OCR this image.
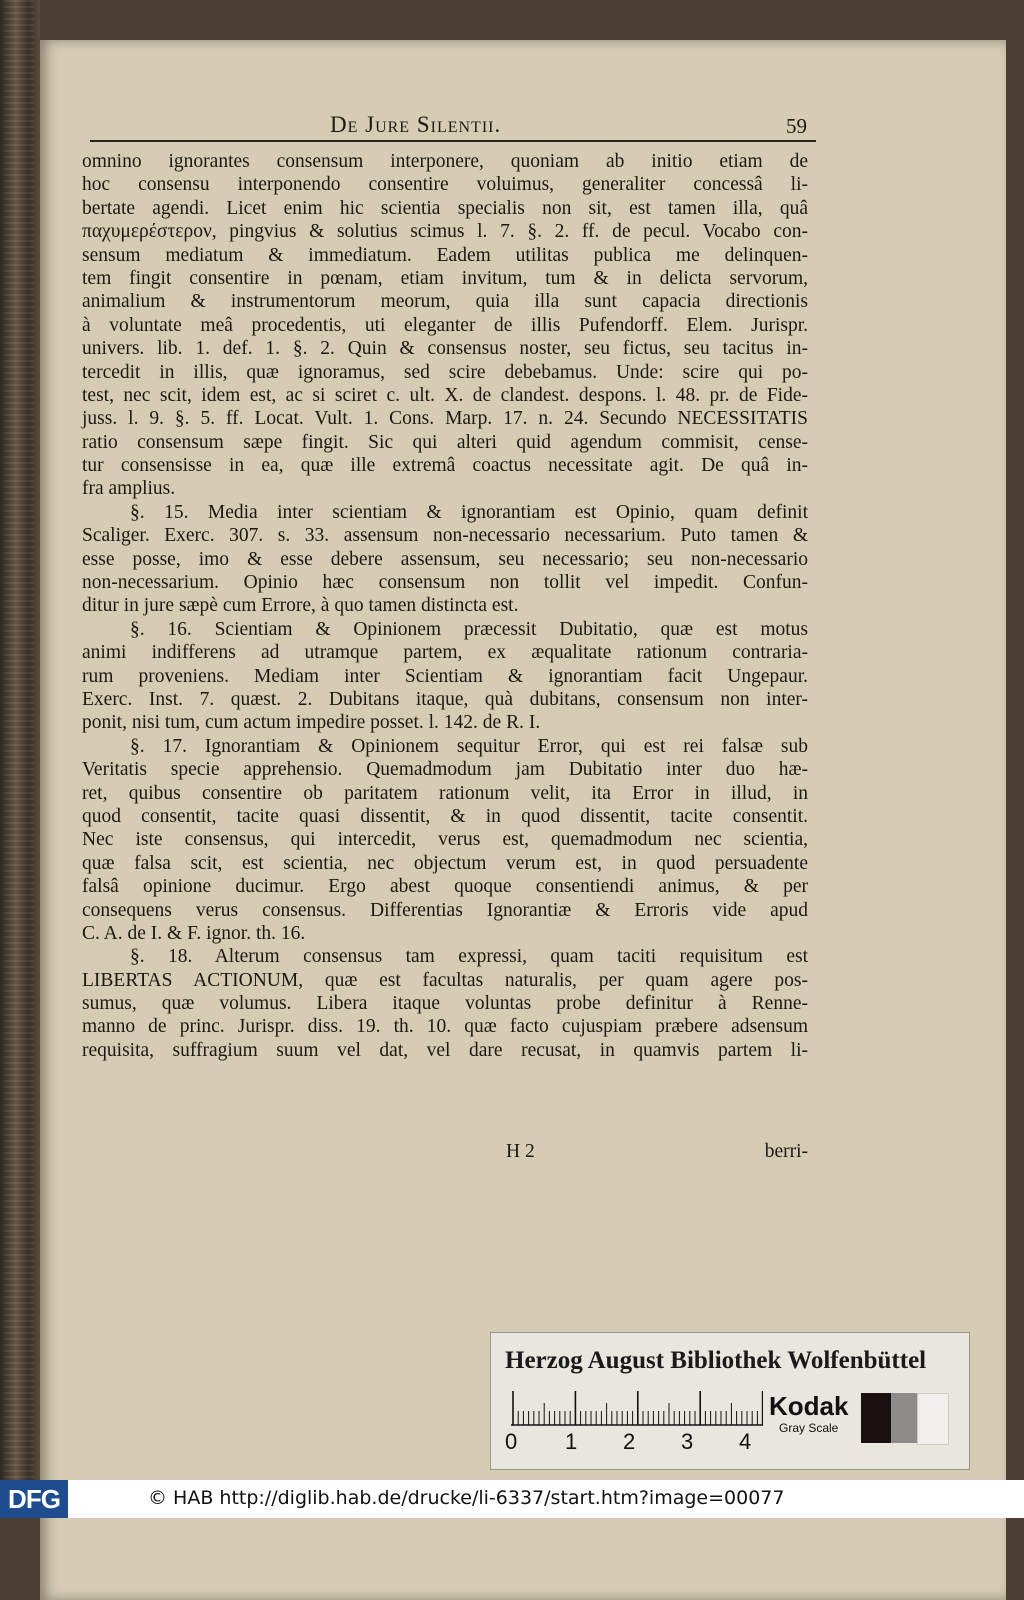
De Jure Silentii.	59
omnino ignorantes consensum interponere, quoniam ab initio etiam de
hoc consensu interponendo consentire voluimus, generaliter concessâ li-
bertate agendi. Licet enim hic scientia specialis non sit, est tamen illa, quâ
παχυμερέστερον, pingvius & solutius scimus l. 7. §. 2. ff. de pecul. Vocabo con-
sensum mediatum & immediatum. Eadem utilitas publica me delinquen-
tem fingit consentire in pœnam, etiam invitum, tum & in delicta servorum,
animalium & instrumentorum meorum, quia illa sunt capacia directionis
à voluntate meâ procedentis, uti eleganter de illis Pufendorff. Elem. Jurispr.
univers. lib. 1. def. 1. §. 2. Quin & consensus noster, seu fictus, seu tacitus in-
tercedit in illis, quæ ignoramus, sed scire debebamus. Unde: scire qui po-
test, nec scit, idem est, ac si sciret c. ult. X. de clandest. despons. l. 48. pr. de Fide-
juss. l. 9. §. 5. ff. Locat. Vult. 1. Cons. Marp. 17. n. 24. Secundo NECESSITATIS
ratio consensum sæpe fingit. Sic qui alteri quid agendum commisit, cense-
tur consensisse in ea, quæ ille extremâ coactus necessitate agit. De quâ in-
fra amplius.
§. 15. Media inter scientiam & ignorantiam est Opinio, quam definit
Scaliger. Exerc. 307. s. 33. assensum non-necessario necessarium. Puto tamen &
esse posse, imo & esse debere assensum, seu necessario; seu non-necessario
non-necessarium. Opinio hæc consensum non tollit vel impedit. Confun-
ditur in jure sæpè cum Errore, à quo tamen distincta est.
§. 16. Scientiam & Opinionem præcessit Dubitatio, quæ est motus
animi indifferens ad utramque partem, ex æqualitate rationum contraria-
rum proveniens. Mediam inter Scientiam & ignorantiam facit Ungepaur.
Exerc. Inst. 7. quæst. 2. Dubitans itaque, quà dubitans, consensum non inter-
ponit, nisi tum, cum actum impedire posset. l. 142. de R. I.
§. 17. Ignorantiam & Opinionem sequitur Error, qui est rei falsæ sub
Veritatis specie apprehensio. Quemadmodum jam Dubitatio inter duo hæ-
ret, quibus consentire ob paritatem rationum velit, ita Error in illud, in
quod consentit, tacite quasi dissentit, & in quod dissentit, tacite consentit.
Nec iste consensus, qui intercedit, verus est, quemadmodum nec scientia,
quæ falsa scit, est scientia, nec objectum verum est, in quod persuadente
falsâ opinione ducimur. Ergo abest quoque consentiendi animus, & per
consequens verus consensus. Differentias Ignorantiæ & Erroris vide apud
C. A. de I. & F. ignor. th. 16.
§. 18. Alterum consensus tam expressi, quam taciti requisitum est
LIBERTAS ACTIONUM, quæ est facultas naturalis, per quam agere pos-
sumus, quæ volumus. Libera itaque voluntas probe definitur à Renne-
manno de princ. Jurispr. diss. 19. th. 10. quæ facto cujuspiam præbere adsensum
requisita, suffragium suum vel dat, vel dare recusat, in quamvis partem li-
H 2	berri-
Herzog August Bibliothek Wolfenbüttel
0 1 2 3 4
Kodak
Gray Scale
DFG	© HAB http://diglib.hab.de/drucke/li-6337/start.htm?image=00077
